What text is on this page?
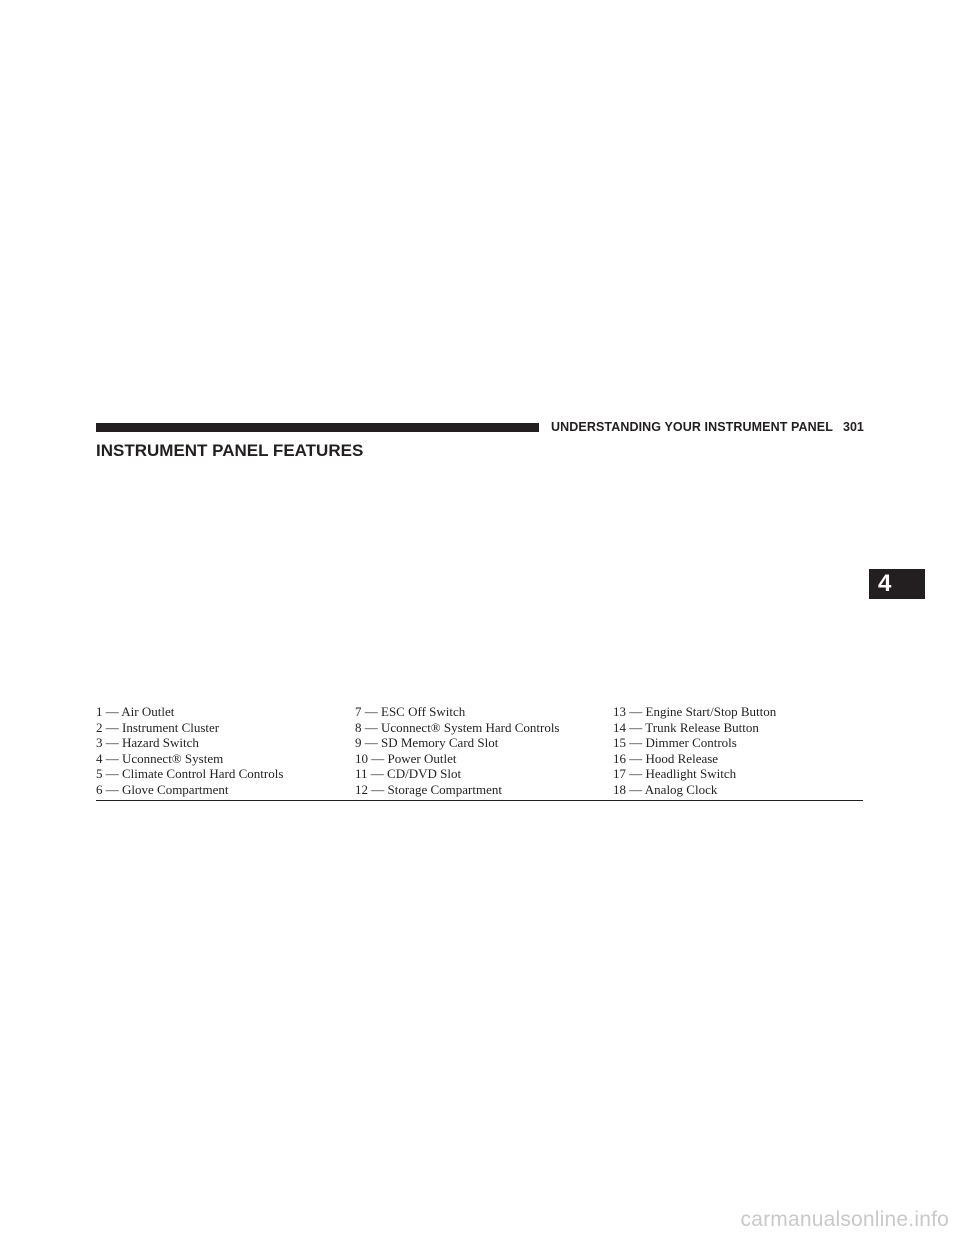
UNDERSTANDING YOUR INSTRUMENT PANEL 301
INSTRUMENT PANEL FEATURES
4
1 — Air Outlet
2 — Instrument Cluster
3 — Hazard Switch
4 — Uconnect® System
5 — Climate Control Hard Controls
6 — Glove Compartment
7 — ESC Off Switch
8 — Uconnect® System Hard Controls
9 — SD Memory Card Slot
10 — Power Outlet
11 — CD/DVD Slot
12 — Storage Compartment
13 — Engine Start/Stop Button
14 — Trunk Release Button
15 — Dimmer Controls
16 — Hood Release
17 — Headlight Switch
18 — Analog Clock
carmanualsonline.info
